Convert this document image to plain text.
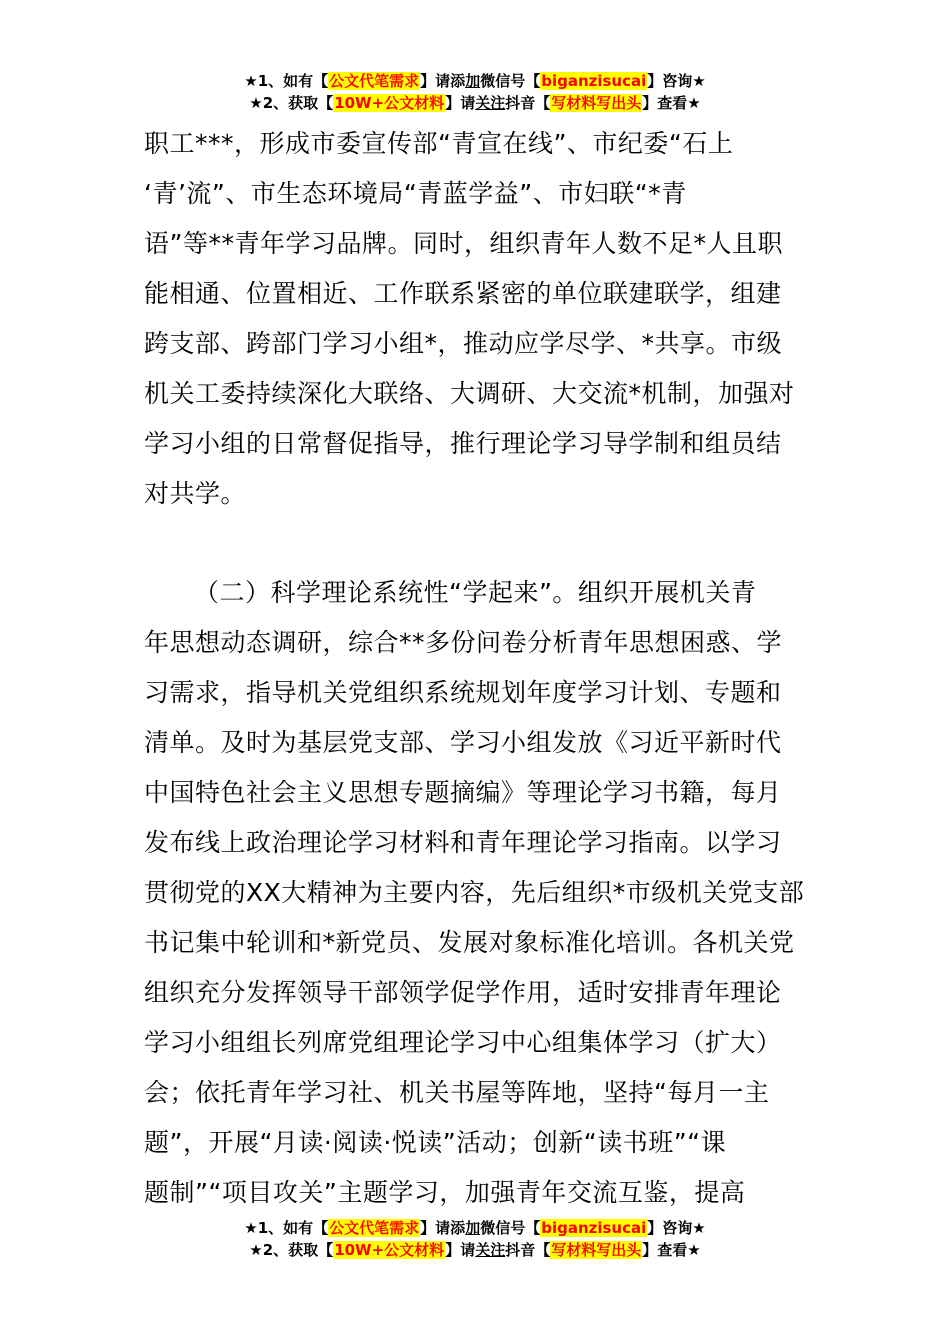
★1、如有【公文代笔需求】请添加微信号【biganzisucai】咨询★
★2、获取【10W+公文材料】请关注抖音【写材料写出头】查看★
职工***，形成市委宣传部“青宣在线”、市纪委“石上
‘青’流”、市生态环境局“青蓝学益”、市妇联“*青
语”等**青年学习品牌。同时，组织青年人数不足*人且职
能相通、位置相近、工作联系紧密的单位联建联学，组建
跨支部、跨部门学习小组*，推动应学尽学、*共享。市级
机关工委持续深化大联络、大调研、大交流*机制，加强对
学习小组的日常督促指导，推行理论学习导学制和组员结
对共学。
（二）科学理论系统性“学起来”。组织开展机关青
年思想动态调研，综合**多份问卷分析青年思想困惑、学
习需求，指导机关党组织系统规划年度学习计划、专题和
清单。及时为基层党支部、学习小组发放《习近平新时代
中国特色社会主义思想专题摘编》等理论学习书籍，每月
发布线上政治理论学习材料和青年理论学习指南。以学习
贯彻党的XX大精神为主要内容，先后组织*市级机关党支部
书记集中轮训和*新党员、发展对象标准化培训。各机关党
组织充分发挥领导干部领学促学作用，适时安排青年理论
学习小组组长列席党组理论学习中心组集体学习（扩大）
会；依托青年学习社、机关书屋等阵地，坚持“每月一主
题”，开展“月读·阅读·悦读”活动；创新“读书班”“课
题制”“项目攻关”主题学习，加强青年交流互鉴，提高
★1、如有【公文代笔需求】请添加微信号【biganzisucai】咨询★
★2、获取【10W+公文材料】请关注抖音【写材料写出头】查看★
